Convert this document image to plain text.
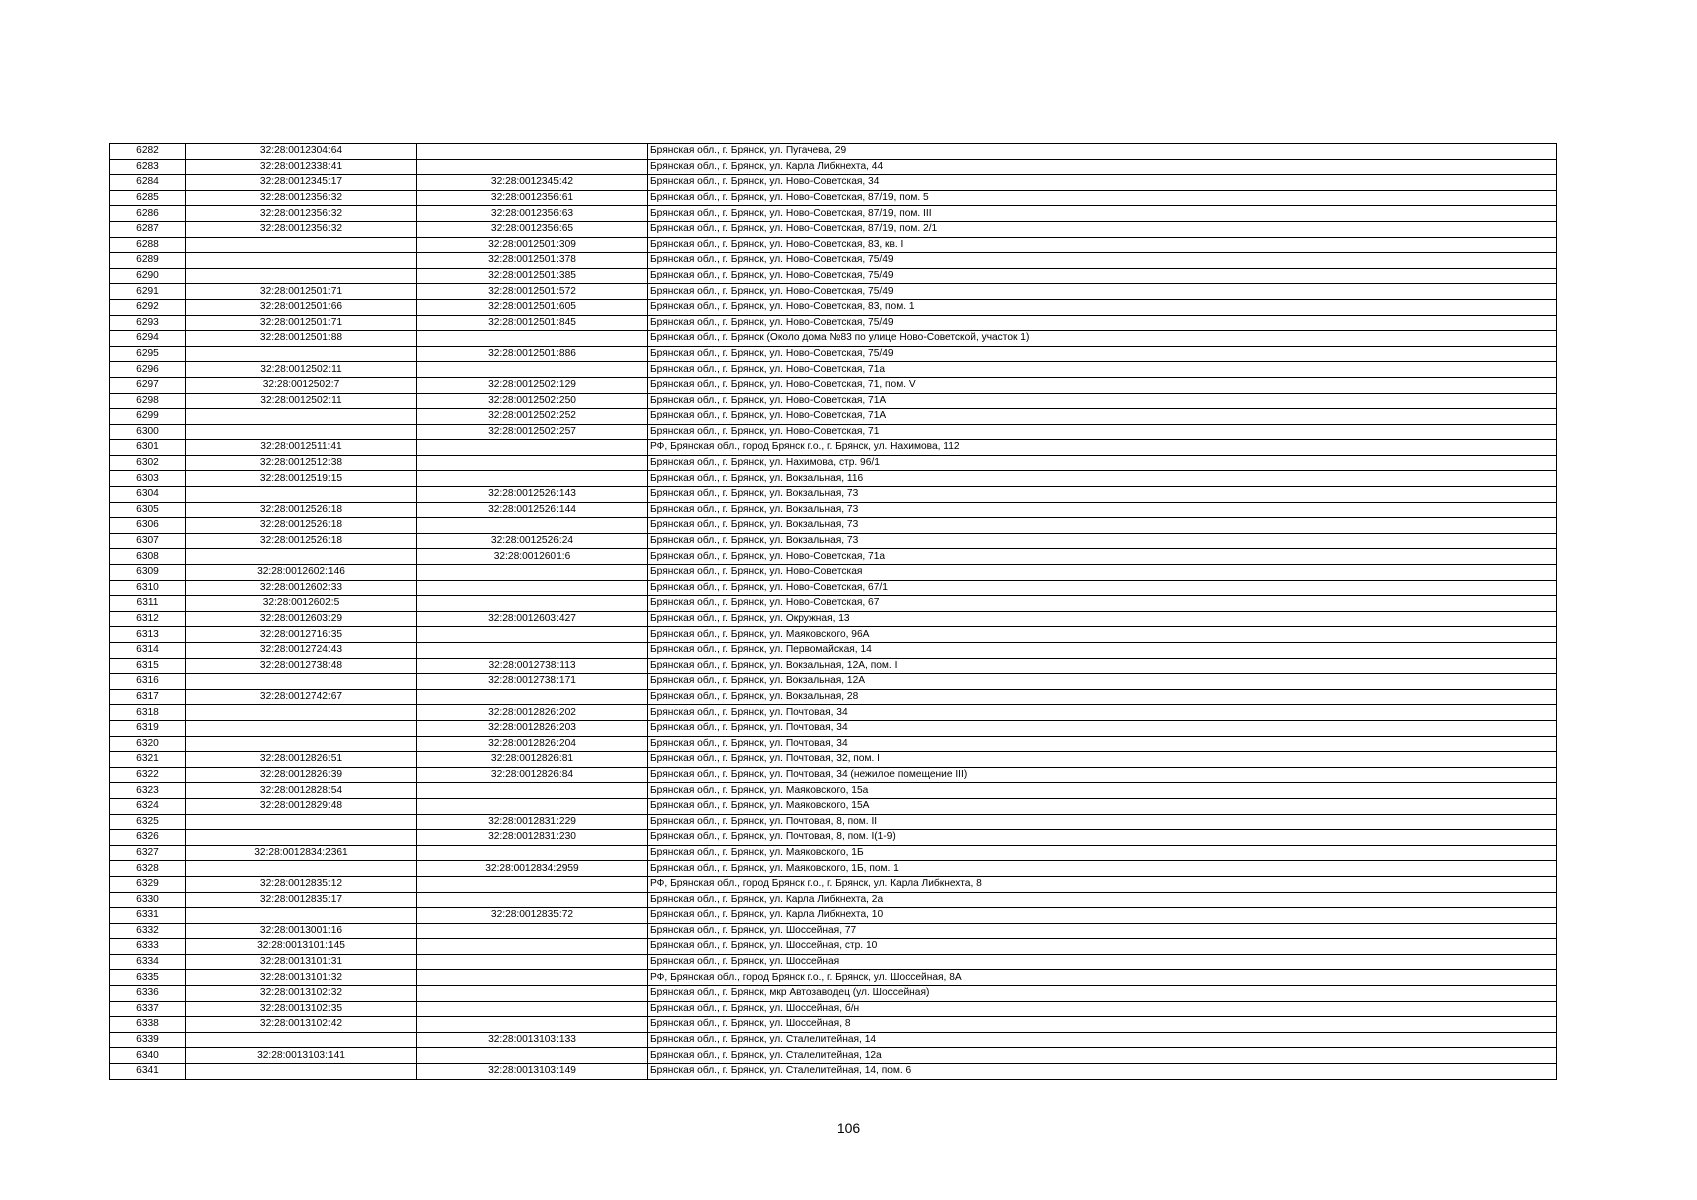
6282	32:28:0012304:64		Брянская обл., г. Брянск, ул. Пугачева, 29
6283	32:28:0012338:41		Брянская обл., г. Брянск, ул. Карла Либкнехта, 44
6284	32:28:0012345:17	32:28:0012345:42	Брянская обл., г. Брянск, ул. Ново-Советская, 34
6285	32:28:0012356:32	32:28:0012356:61	Брянская обл., г. Брянск, ул. Ново-Советская, 87/19, пом. 5
6286	32:28:0012356:32	32:28:0012356:63	Брянская обл., г. Брянск, ул. Ново-Советская, 87/19, пом. III
6287	32:28:0012356:32	32:28:0012356:65	Брянская обл., г. Брянск, ул. Ново-Советская, 87/19, пом. 2/1
6288		32:28:0012501:309	Брянская обл., г. Брянск, ул. Ново-Советская, 83, кв. I
6289		32:28:0012501:378	Брянская обл., г. Брянск, ул. Ново-Советская, 75/49
6290		32:28:0012501:385	Брянская обл., г. Брянск, ул. Ново-Советская, 75/49
6291	32:28:0012501:71	32:28:0012501:572	Брянская обл., г. Брянск, ул. Ново-Советская, 75/49
6292	32:28:0012501:66	32:28:0012501:605	Брянская обл., г. Брянск, ул. Ново-Советская, 83, пом. 1
6293	32:28:0012501:71	32:28:0012501:845	Брянская обл., г. Брянск, ул. Ново-Советская, 75/49
6294	32:28:0012501:88		Брянская обл., г. Брянск (Около дома №83 по улице Ново-Советской, участок 1)
6295		32:28:0012501:886	Брянская обл., г. Брянск, ул. Ново-Советская, 75/49
6296	32:28:0012502:11		Брянская обл., г. Брянск, ул. Ново-Советская, 71а
6297	32:28:0012502:7	32:28:0012502:129	Брянская обл., г. Брянск, ул. Ново-Советская, 71, пом. V
6298	32:28:0012502:11	32:28:0012502:250	Брянская обл., г. Брянск, ул. Ново-Советская, 71А
6299		32:28:0012502:252	Брянская обл., г. Брянск, ул. Ново-Советская, 71А
6300		32:28:0012502:257	Брянская обл., г. Брянск, ул. Ново-Советская, 71
6301	32:28:0012511:41		РФ, Брянская обл., город Брянск г.о., г. Брянск, ул. Нахимова, 112
6302	32:28:0012512:38		Брянская обл., г. Брянск, ул. Нахимова, стр. 96/1
6303	32:28:0012519:15		Брянская обл., г. Брянск, ул. Вокзальная, 116
6304		32:28:0012526:143	Брянская обл., г. Брянск, ул. Вокзальная, 73
6305	32:28:0012526:18	32:28:0012526:144	Брянская обл., г. Брянск, ул. Вокзальная, 73
6306	32:28:0012526:18		Брянская обл., г. Брянск, ул. Вокзальная, 73
6307	32:28:0012526:18	32:28:0012526:24	Брянская обл., г. Брянск, ул. Вокзальная, 73
6308		32:28:0012601:6	Брянская обл., г. Брянск, ул. Ново-Советская, 71а
6309	32:28:0012602:146		Брянская обл., г. Брянск, ул. Ново-Советская
6310	32:28:0012602:33		Брянская обл., г. Брянск, ул. Ново-Советская, 67/1
6311	32:28:0012602:5		Брянская обл., г. Брянск, ул. Ново-Советская, 67
6312	32:28:0012603:29	32:28:0012603:427	Брянская обл., г. Брянск, ул. Окружная, 13
6313	32:28:0012716:35		Брянская обл., г. Брянск, ул. Маяковского, 96А
6314	32:28:0012724:43		Брянская обл., г. Брянск, ул. Первомайская, 14
6315	32:28:0012738:48	32:28:0012738:113	Брянская обл., г. Брянск, ул. Вокзальная, 12А, пом. I
6316		32:28:0012738:171	Брянская обл., г. Брянск, ул. Вокзальная, 12А
6317	32:28:0012742:67		Брянская обл., г. Брянск, ул. Вокзальная, 28
6318		32:28:0012826:202	Брянская обл., г. Брянск, ул. Почтовая, 34
6319		32:28:0012826:203	Брянская обл., г. Брянск, ул. Почтовая, 34
6320		32:28:0012826:204	Брянская обл., г. Брянск, ул. Почтовая, 34
6321	32:28:0012826:51	32:28:0012826:81	Брянская обл., г. Брянск, ул. Почтовая, 32, пом. I
6322	32:28:0012826:39	32:28:0012826:84	Брянская обл., г. Брянск, ул. Почтовая, 34 (нежилое помещение III)
6323	32:28:0012828:54		Брянская обл., г. Брянск, ул. Маяковского, 15а
6324	32:28:0012829:48		Брянская обл., г. Брянск, ул. Маяковского, 15А
6325		32:28:0012831:229	Брянская обл., г. Брянск, ул. Почтовая, 8, пом. II
6326		32:28:0012831:230	Брянская обл., г. Брянск, ул. Почтовая, 8, пом. I(1-9)
6327	32:28:0012834:2361		Брянская обл., г. Брянск, ул. Маяковского, 1Б
6328		32:28:0012834:2959	Брянская обл., г. Брянск, ул. Маяковского, 1Б, пом. 1
6329	32:28:0012835:12		РФ, Брянская обл., город Брянск г.о., г. Брянск, ул. Карла Либкнехта, 8
6330	32:28:0012835:17		Брянская обл., г. Брянск, ул. Карла Либкнехта, 2а
6331		32:28:0012835:72	Брянская обл., г. Брянск, ул. Карла Либкнехта, 10
6332	32:28:0013001:16		Брянская обл., г. Брянск, ул. Шоссейная, 77
6333	32:28:0013101:145		Брянская обл., г. Брянск, ул. Шоссейная, стр. 10
6334	32:28:0013101:31		Брянская обл., г. Брянск, ул. Шоссейная
6335	32:28:0013101:32		РФ, Брянская обл., город Брянск г.о., г. Брянск, ул. Шоссейная, 8А
6336	32:28:0013102:32		Брянская обл., г. Брянск, мкр Автозаводец (ул. Шоссейная)
6337	32:28:0013102:35		Брянская обл., г. Брянск, ул. Шоссейная, б/н
6338	32:28:0013102:42		Брянская обл., г. Брянск, ул. Шоссейная, 8
6339		32:28:0013103:133	Брянская обл., г. Брянск, ул. Сталелитейная, 14
6340	32:28:0013103:141		Брянская обл., г. Брянск, ул. Сталелитейная, 12а
6341		32:28:0013103:149	Брянская обл., г. Брянск, ул. Сталелитейная, 14, пом. 6
106
